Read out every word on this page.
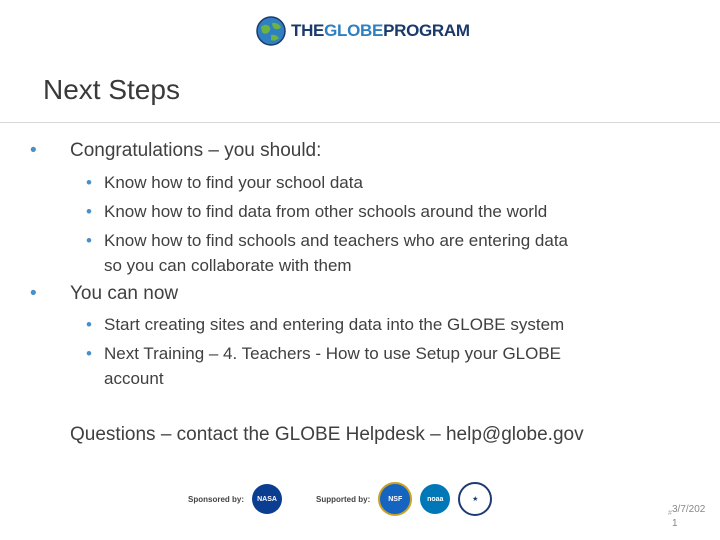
THEGLOBEPROGRAM
Next Steps
• Congratulations – you should:
• Know how to find your school data
• Know how to find data from other schools around the world
• Know how to find schools and teachers who are entering data
so you can collaborate with them
• You can now
• Start creating sites and entering data into the GLOBE system
• Next Training – 4. Teachers - How to use Setup your GLOBE
account
Questions – contact the GLOBE Helpdesk – help@globe.gov
Sponsored by:	NASA	Supported by:	NSF	noaa	★
# 3/7/202
1
